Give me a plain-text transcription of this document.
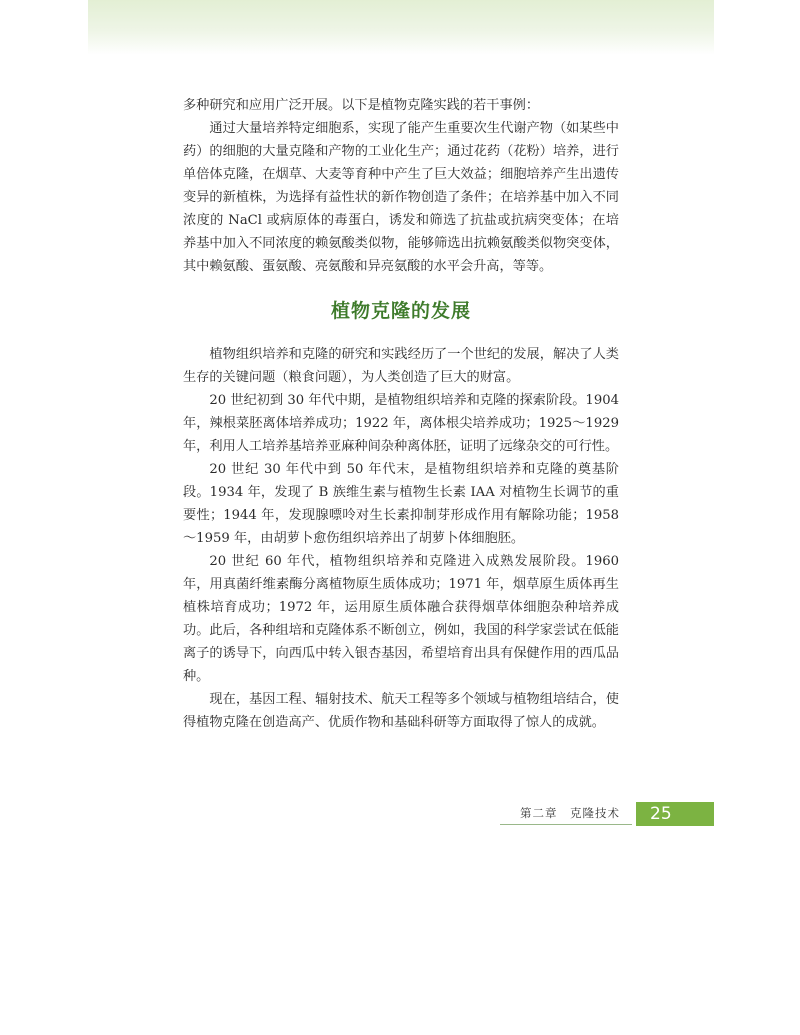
多种研究和应用广泛开展。以下是植物克隆实践的若干事例：

通过大量培养特定细胞系，实现了能产生重要次生代谢产物（如某些中药）的细胞的大量克隆和产物的工业化生产；通过花药（花粉）培养，进行单倍体克隆，在烟草、大麦等育种中产生了巨大效益；细胞培养产生出遗传变异的新植株，为选择有益性状的新作物创造了条件；在培养基中加入不同浓度的 NaCl 或病原体的毒蛋白，诱发和筛选了抗盐或抗病突变体；在培养基中加入不同浓度的赖氨酸类似物，能够筛选出抗赖氨酸类似物突变体，其中赖氨酸、蛋氨酸、亮氨酸和异亮氨酸的水平会升高，等等。

植物克隆的发展

植物组织培养和克隆的研究和实践经历了一个世纪的发展，解决了人类生存的关键问题（粮食问题），为人类创造了巨大的财富。

20 世纪初到 30 年代中期，是植物组织培养和克隆的探索阶段。1904 年，辣根菜胚离体培养成功；1922 年，离体根尖培养成功；1925～1929 年，利用人工培养基培养亚麻种间杂种离体胚，证明了远缘杂交的可行性。

20 世纪 30 年代中到 50 年代末，是植物组织培养和克隆的奠基阶段。1934 年，发现了 B 族维生素与植物生长素 IAA 对植物生长调节的重要性；1944 年，发现腺嘌呤对生长素抑制芽形成作用有解除功能；1958～1959 年，由胡萝卜愈伤组织培养出了胡萝卜体细胞胚。

20 世纪 60 年代，植物组织培养和克隆进入成熟发展阶段。1960 年，用真菌纤维素酶分离植物原生质体成功；1971 年，烟草原生质体再生植株培育成功；1972 年，运用原生质体融合获得烟草体细胞杂种培养成功。此后，各种组培和克隆体系不断创立，例如，我国的科学家尝试在低能离子的诱导下，向西瓜中转入银杏基因，希望培育出具有保健作用的西瓜品种。

现在，基因工程、辐射技术、航天工程等多个领域与植物组培结合，使得植物克隆在创造高产、优质作物和基础科研等方面取得了惊人的成就。

第二章　克隆技术 25
